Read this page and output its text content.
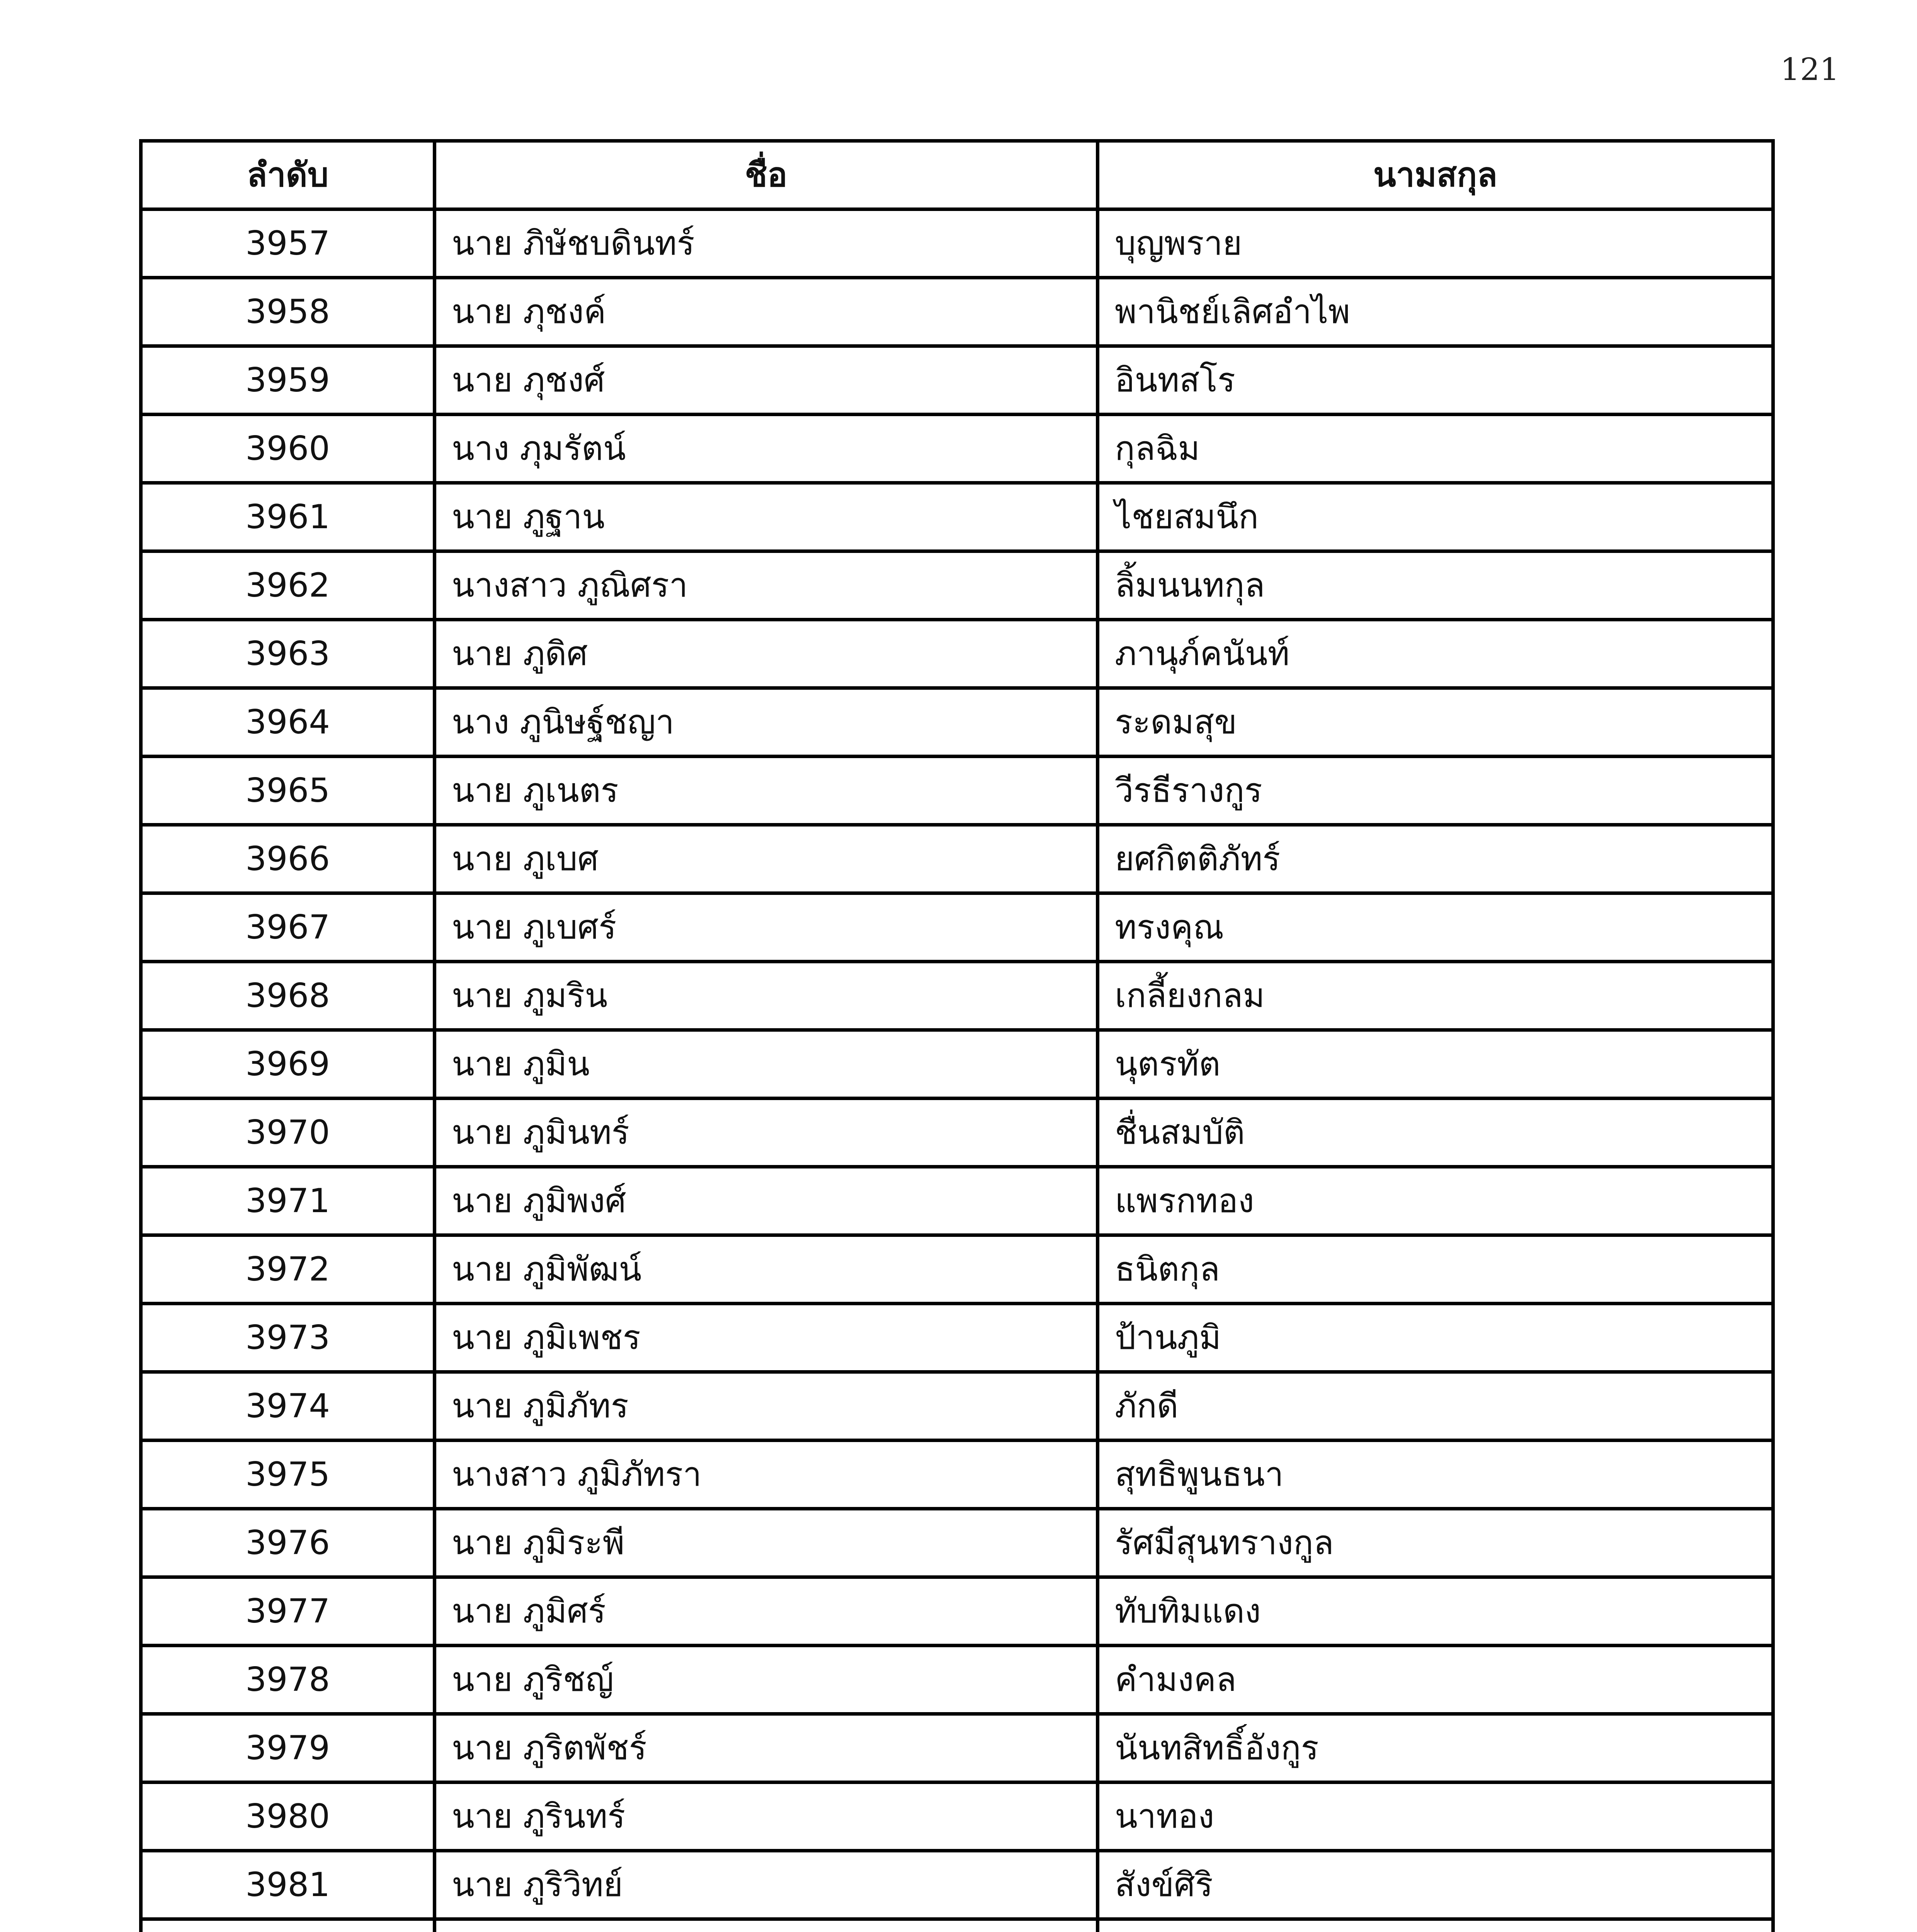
121
ลำดับ	ชื่อ	นามสกุล
3957	นาย ภิษัชบดินทร์	บุญพราย
3958	นาย ภุชงค์	พานิชย์เลิศอำไพ
3959	นาย ภุชงศ์	อินทสโร
3960	นาง ภุมรัตน์	กุลฉิม
3961	นาย ภูฐาน	ไชยสมนึก
3962	นางสาว ภูณิศรา	ลิ้มนนทกุล
3963	นาย ภูดิศ	ภานุภ์คนันท์
3964	นาง ภูนิษฐ์ชญา	ระดมสุข
3965	นาย ภูเนตร	วีรธีรางกูร
3966	นาย ภูเบศ	ยศกิตติภัทร์
3967	นาย ภูเบศร์	ทรงคุณ
3968	นาย ภูมริน	เกลี้ยงกลม
3969	นาย ภูมิน	นุตรทัต
3970	นาย ภูมินทร์	ชื่นสมบัติ
3971	นาย ภูมิพงศ์	แพรกทอง
3972	นาย ภูมิพัฒน์	ธนิตกุล
3973	นาย ภูมิเพชร	ป้านภูมิ
3974	นาย ภูมิภัทร	ภักดี
3975	นางสาว ภูมิภัทรา	สุทธิพูนธนา
3976	นาย ภูมิระพี	รัศมีสุนทรางกูล
3977	นาย ภูมิศร์	ทับทิมแดง
3978	นาย ภูริชญ์	คำมงคล
3979	นาย ภูริตพัชร์	นันทสิทธิ์อังกูร
3980	นาย ภูรินทร์	นาทอง
3981	นาย ภูริวิทย์	สังข์ศิริ
